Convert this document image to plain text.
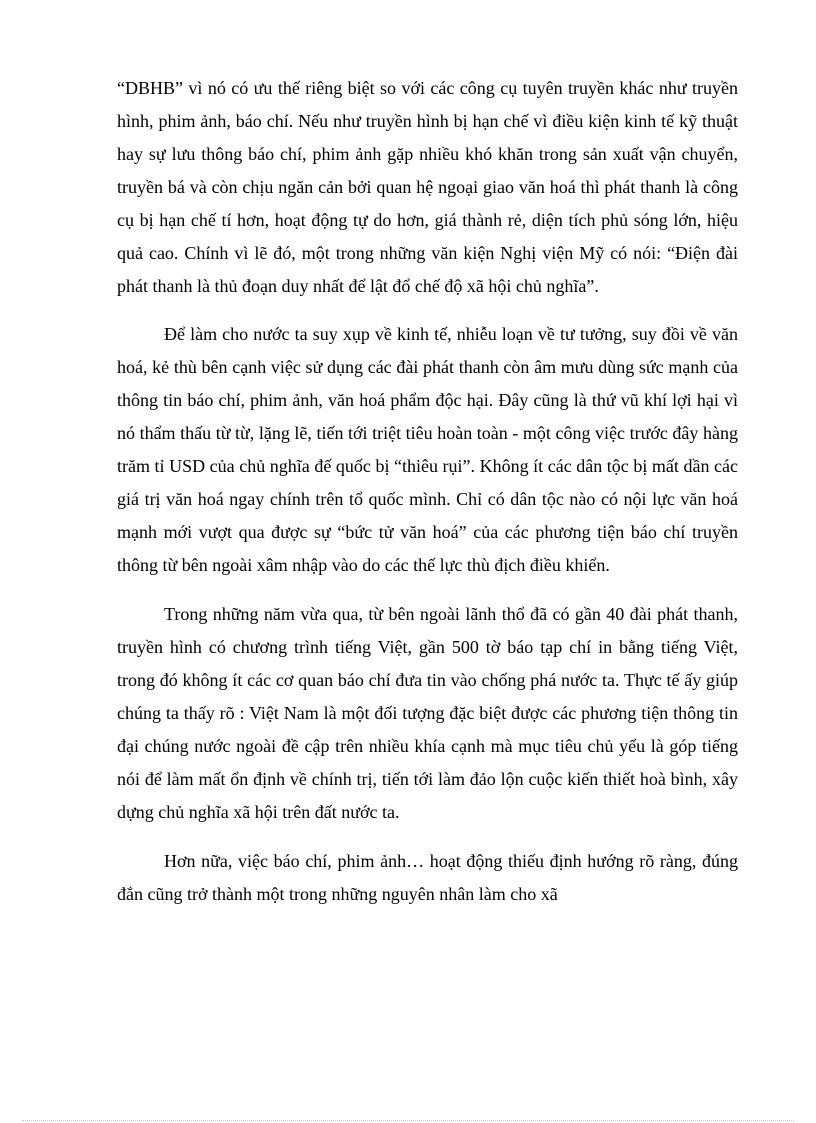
“DBHB” vì nó có ưu thế riêng biệt so với các công cụ tuyên truyền khác như truyền hình, phim ảnh, báo chí. Nếu như truyền hình bị hạn chế vì điều kiện kinh tế kỹ thuật hay sự lưu thông báo chí, phim ảnh gặp nhiều khó khăn trong sản xuất vận chuyển, truyền bá và còn chịu ngăn cản bởi quan hệ ngoại giao văn hoá thì phát thanh là công cụ bị hạn chế tí hơn, hoạt động tự do hơn, giá thành rẻ, diện tích phủ sóng lớn, hiệu quả cao. Chính vì lẽ đó, một trong những văn kiện Nghị viện Mỹ có nói: “Điện đài phát thanh là thủ đoạn duy nhất để lật đổ chế độ xã hội chủ nghĩa”.

Để làm cho nước ta suy xụp về kinh tế, nhiễu loạn về tư tưởng, suy đồi về văn hoá, kẻ thù bên cạnh việc sử dụng các đài phát thanh còn âm mưu dùng sức mạnh của thông tin báo chí, phim ảnh, văn hoá phẩm độc hại. Đây cũng là thứ vũ khí lợi hại vì nó thẩm thấu từ từ, lặng lẽ, tiến tới triệt tiêu hoàn toàn - một công việc trước đây hàng trăm tỉ USD của chủ nghĩa đế quốc bị “thiêu rụi”. Không ít các dân tộc bị mất dần các giá trị văn hoá ngay chính trên tổ quốc mình. Chỉ có dân tộc nào có nội lực văn hoá mạnh mới vượt qua được sự “bức tử văn hoá” của các phương tiện báo chí truyền thông từ bên ngoài xâm nhập vào do các thế lực thù địch điều khiển.

Trong những năm vừa qua, từ bên ngoài lãnh thổ đã có gần 40 đài phát thanh, truyền hình có chương trình tiếng Việt, gần 500 tờ báo tạp chí in bằng tiếng Việt, trong đó không ít các cơ quan báo chí đưa tin vào chống phá nước ta. Thực tế ấy giúp chúng ta thấy rõ : Việt Nam là một đối tượng đặc biệt được các phương tiện thông tin đại chúng nước ngoài đề cập trên nhiều khía cạnh mà mục tiêu chủ yếu là góp tiếng nói để làm mất ổn định về chính trị, tiến tới làm đảo lộn cuộc kiến thiết hoà bình, xây dựng chủ nghĩa xã hội trên đất nước ta.

Hơn nữa, việc báo chí, phim ảnh… hoạt động thiếu định hướng rõ ràng, đúng đắn cũng trở thành một trong những nguyên nhân làm cho xã
